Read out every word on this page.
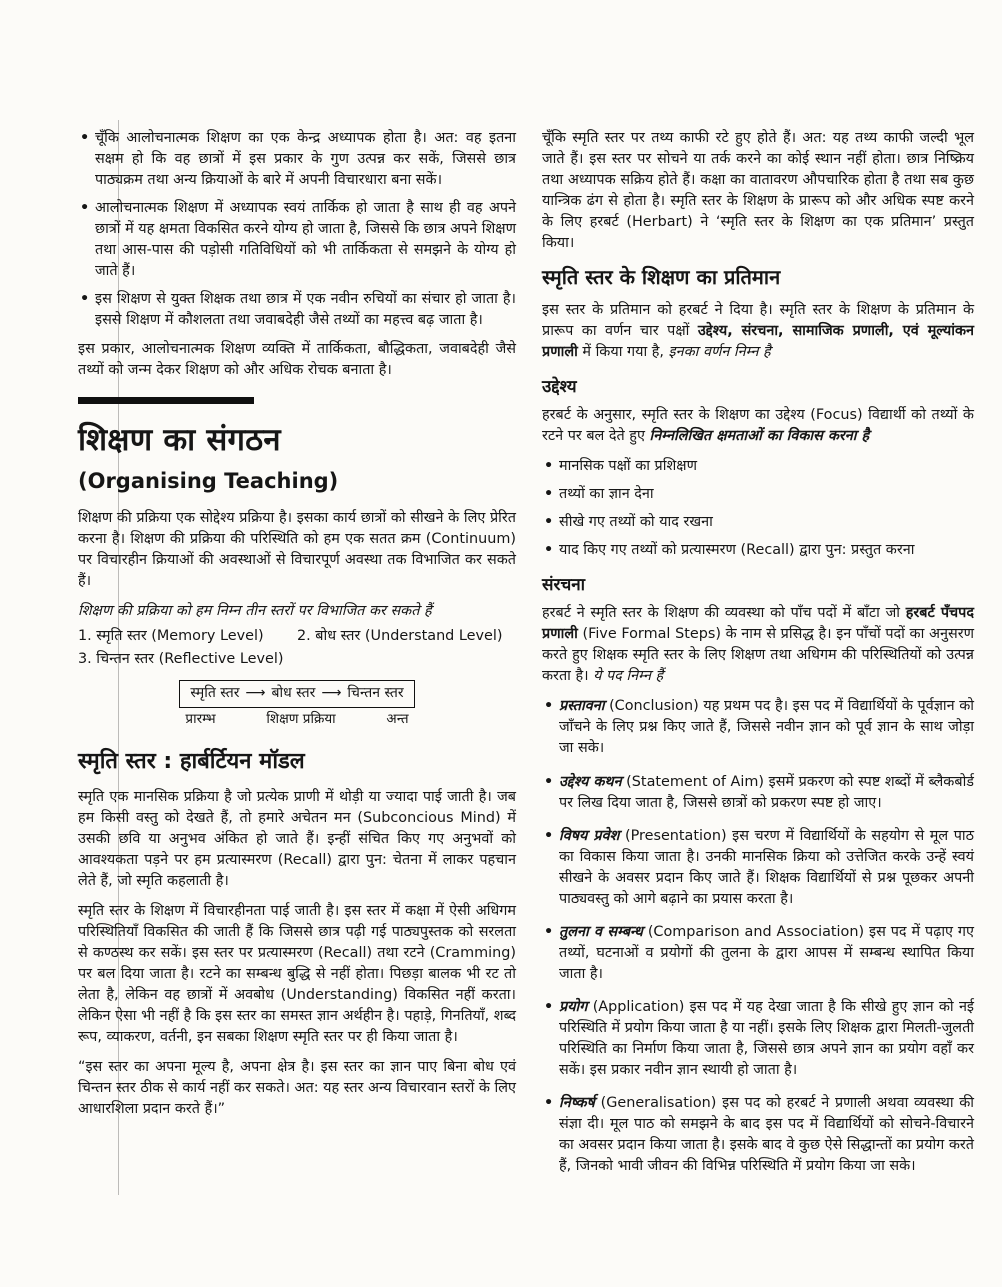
• चूँकि आलोचनात्मक शिक्षण का एक केन्द्र अध्यापक होता है। अत: वह इतना सक्षम हो कि वह छात्रों में इस प्रकार के गुण उत्पन्न कर सकें, जिससे छात्र पाठ्यक्रम तथा अन्य क्रियाओं के बारे में अपनी विचारधारा बना सकें।
• आलोचनात्मक शिक्षण में अध्यापक स्वयं तार्किक हो जाता है साथ ही वह अपने छात्रों में यह क्षमता विकसित करने योग्य हो जाता है, जिससे कि छात्र अपने शिक्षण तथा आस-पास की पड़ोसी गतिविधियों को भी तार्किकता से समझने के योग्य हो जाते हैं।
• इस शिक्षण से युक्त शिक्षक तथा छात्र में एक नवीन रुचियों का संचार हो जाता है। इससे शिक्षण में कौशलता तथा जवाबदेही जैसे तथ्यों का महत्त्व बढ़ जाता है।

इस प्रकार, आलोचनात्मक शिक्षण व्यक्ति में तार्किकता, बौद्धिकता, जवाबदेही जैसे तथ्यों को जन्म देकर शिक्षण को और अधिक रोचक बनाता है।

शिक्षण का संगठन
(Organising Teaching)

शिक्षण की प्रक्रिया एक सोद्देश्य प्रक्रिया है। इसका कार्य छात्रों को सीखने के लिए प्रेरित करना है। शिक्षण की प्रक्रिया की परिस्थिति को हम एक सतत क्रम (Continuum) पर विचारहीन क्रियाओं की अवस्थाओं से विचारपूर्ण अवस्था तक विभाजित कर सकते हैं।

शिक्षण की प्रक्रिया को हम निम्न तीन स्तरों पर विभाजित कर सकते हैं

1. स्मृति स्तर (Memory Level)	2. बोध स्तर (Understand Level)
3. चिन्तन स्तर (Reflective Level)
स्मृति स्तर ⟶ बोध स्तर ⟶ चिन्तन स्तर
प्रारम्भ	शिक्षण प्रक्रिया	अन्त
स्मृति स्तर : हार्बर्टियन मॉडल

स्मृति एक मानसिक प्रक्रिया है जो प्रत्येक प्राणी में थोड़ी या ज्यादा पाई जाती है। जब हम किसी वस्तु को देखते हैं, तो हमारे अचेतन मन (Subconcious Mind) में उसकी छवि या अनुभव अंकित हो जाते हैं। इन्हीं संचित किए गए अनुभवों को आवश्यकता पड़ने पर हम प्रत्यास्मरण (Recall) द्वारा पुन: चेतना में लाकर पहचान लेते हैं, जो स्मृति कहलाती है।

स्मृति स्तर के शिक्षण में विचारहीनता पाई जाती है। इस स्तर में कक्षा में ऐसी अधिगम परिस्थितियाँ विकसित की जाती हैं कि जिससे छात्र पढ़ी गई पाठ्यपुस्तक को सरलता से कण्ठस्थ कर सकें। इस स्तर पर प्रत्यास्मरण (Recall) तथा रटने (Cramming) पर बल दिया जाता है। रटने का सम्बन्ध बुद्धि से नहीं होता। पिछड़ा बालक भी रट तो लेता है, लेकिन वह छात्रों में अवबोध (Understanding) विकसित नहीं करता। लेकिन ऐसा भी नहीं है कि इस स्तर का समस्त ज्ञान अर्थहीन है। पहाड़े, गिनतियाँ, शब्द रूप, व्याकरण, वर्तनी, इन सबका शिक्षण स्मृति स्तर पर ही किया जाता है।

“इस स्तर का अपना मूल्य है, अपना क्षेत्र है। इस स्तर का ज्ञान पाए बिना बोध एवं चिन्तन स्तर ठीक से कार्य नहीं कर सकते। अत: यह स्तर अन्य विचारवान स्तरों के लिए आधारशिला प्रदान करते हैं।”

चूँकि स्मृति स्तर पर तथ्य काफी रटे हुए होते हैं। अत: यह तथ्य काफी जल्दी भूल जाते हैं। इस स्तर पर सोचने या तर्क करने का कोई स्थान नहीं होता। छात्र निष्क्रिय तथा अध्यापक सक्रिय होते हैं। कक्षा का वातावरण औपचारिक होता है तथा सब कुछ यान्त्रिक ढंग से होता है। स्मृति स्तर के शिक्षण के प्रारूप को और अधिक स्पष्ट करने के लिए हरबर्ट (Herbart) ने ‘स्मृति स्तर के शिक्षण का एक प्रतिमान’ प्रस्तुत किया।

स्मृति स्तर के शिक्षण का प्रतिमान

इस स्तर के प्रतिमान को हरबर्ट ने दिया है। स्मृति स्तर के शिक्षण के प्रतिमान के प्रारूप का वर्णन चार पक्षों उद्देश्य, संरचना, सामाजिक प्रणाली, एवं मूल्यांकन प्रणाली में किया गया है, इनका वर्णन निम्न है

उद्देश्य

हरबर्ट के अनुसार, स्मृति स्तर के शिक्षण का उद्देश्य (Focus) विद्यार्थी को तथ्यों के रटने पर बल देते हुए निम्नलिखित क्षमताओं का विकास करना है

• मानसिक पक्षों का प्रशिक्षण
• तथ्यों का ज्ञान देना
• सीखे गए तथ्यों को याद रखना
• याद किए गए तथ्यों को प्रत्यास्मरण (Recall) द्वारा पुन: प्रस्तुत करना
संरचना

हरबर्ट ने स्मृति स्तर के शिक्षण की व्यवस्था को पाँच पदों में बाँटा जो हरबर्ट पँचपद प्रणाली (Five Formal Steps) के नाम से प्रसिद्ध है। इन पाँचों पदों का अनुसरण करते हुए शिक्षक स्मृति स्तर के लिए शिक्षण तथा अधिगम की परिस्थितियों को उत्पन्न करता है। ये पद निम्न हैं

• प्रस्तावना (Conclusion) यह प्रथम पद है। इस पद में विद्यार्थियों के पूर्वज्ञान को जाँचने के लिए प्रश्न किए जाते हैं, जिससे नवीन ज्ञान को पूर्व ज्ञान के साथ जोड़ा जा सके।
• उद्देश्य कथन (Statement of Aim) इसमें प्रकरण को स्पष्ट शब्दों में ब्लैकबोर्ड पर लिख दिया जाता है, जिससे छात्रों को प्रकरण स्पष्ट हो जाए।
• विषय प्रवेश (Presentation) इस चरण में विद्यार्थियों के सहयोग से मूल पाठ का विकास किया जाता है। उनकी मानसिक क्रिया को उत्तेजित करके उन्हें स्वयं सीखने के अवसर प्रदान किए जाते हैं। शिक्षक विद्यार्थियों से प्रश्न पूछकर अपनी पाठ्यवस्तु को आगे बढ़ाने का प्रयास करता है।
• तुलना व सम्बन्ध (Comparison and Association) इस पद में पढ़ाए गए तथ्यों, घटनाओं व प्रयोगों की तुलना के द्वारा आपस में सम्बन्ध स्थापित किया जाता है।
• प्रयोग (Application) इस पद में यह देखा जाता है कि सीखे हुए ज्ञान को नई परिस्थिति में प्रयोग किया जाता है या नहीं। इसके लिए शिक्षक द्वारा मिलती-जुलती परिस्थिति का निर्माण किया जाता है, जिससे छात्र अपने ज्ञान का प्रयोग वहाँ कर सकें। इस प्रकार नवीन ज्ञान स्थायी हो जाता है।
• निष्कर्ष (Generalisation) इस पद को हरबर्ट ने प्रणाली अथवा व्यवस्था की संज्ञा दी। मूल पाठ को समझने के बाद इस पद में विद्यार्थियों को सोचने-विचारने का अवसर प्रदान किया जाता है। इसके बाद वे कुछ ऐसे सिद्धान्तों का प्रयोग करते हैं, जिनको भावी जीवन की विभिन्न परिस्थिति में प्रयोग किया जा सके।
